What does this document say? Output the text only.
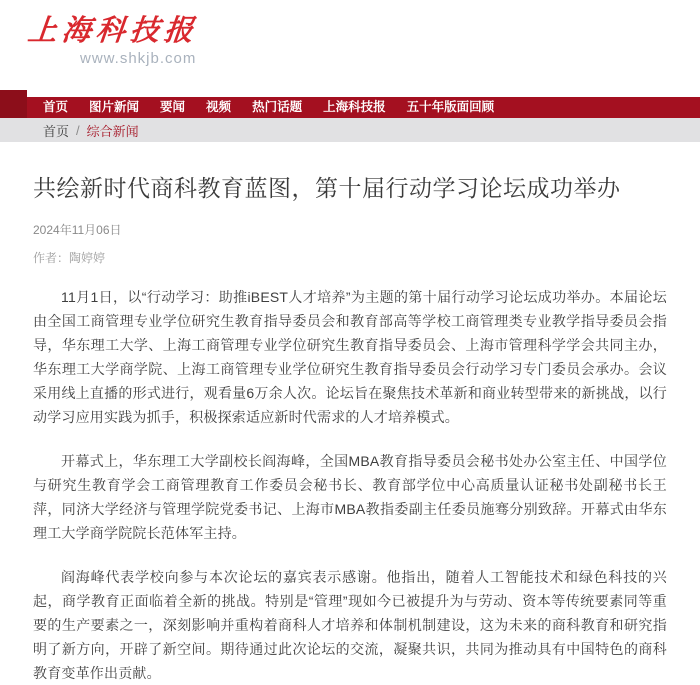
上海科技报
www.shkjb.com
首页 图片新闻 要闻 视频 热门话题 上海科技报 五十年版面回顾
首页 / 综合新闻
共绘新时代商科教育蓝图，第十届行动学习论坛成功举办
2024年11月06日
作者：陶婷婷

11月1日，以“行动学习：助推iBEST人才培养”为主题的第十届行动学习论坛成功举办。本届论坛由全国工商管理专业学位研究生教育指导委员会和教育部高等学校工商管理类专业教学指导委员会指导，华东理工大学、上海工商管理专业学位研究生教育指导委员会、上海市管理科学学会共同主办，华东理工大学商学院、上海工商管理专业学位研究生教育指导委员会行动学习专门委员会承办。会议采用线上直播的形式进行，观看量6万余人次。论坛旨在聚焦技术革新和商业转型带来的新挑战，以行动学习应用实践为抓手，积极探索适应新时代需求的人才培养模式。

开幕式上，华东理工大学副校长阎海峰，全国MBA教育指导委员会秘书处办公室主任、中国学位与研究生教育学会工商管理教育工作委员会秘书长、教育部学位中心高质量认证秘书处副秘书长王萍，同济大学经济与管理学院党委书记、上海市MBA教指委副主任委员施骞分别致辞。开幕式由华东理工大学商学院院长范体军主持。

阎海峰代表学校向参与本次论坛的嘉宾表示感谢。他指出，随着人工智能技术和绿色科技的兴起，商学教育正面临着全新的挑战。特别是“管理”现如今已被提升为与劳动、资本等传统要素同等重要的生产要素之一，深刻影响并重构着商科人才培养和体制机制建设，这为未来的商科教育和研究指明了新方向，开辟了新空间。期待通过此次论坛的交流，凝聚共识，共同为推动具有中国特色的商科教育变革作出贡献。
